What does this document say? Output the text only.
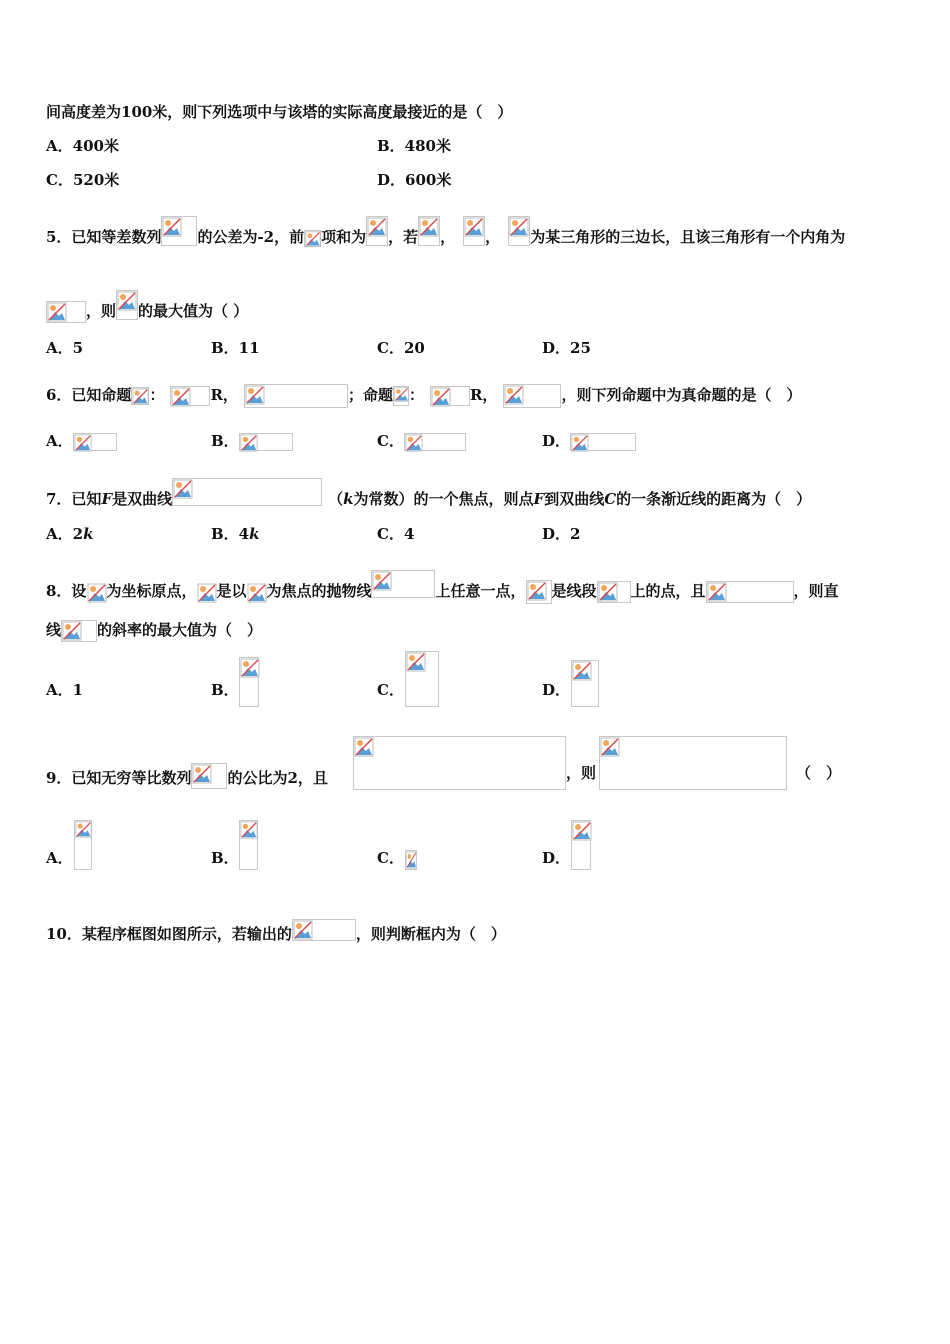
间高度差为100米，则下列选项中与该塔的实际高度最接近的是（　）
A．400米	B．480米
C．520米	D．600米
5．已知等差数列 的公差为-2，前 项和为 ，若 ， ， 为某三角形的三边长，且该三角形有一个内角为
，则 的最大值为（ ）
A．5	B．11	C．20	D．25
6．已知命题 ：	R，	；命题 ：	R，	，则下列命题中为真命题的是（　）
A．	B．	C．	D．
7．已知F是双曲线	（k为常数）的一个焦点，则点F到双曲线C的一条渐近线的距离为（　）
A．2k	B．4k	C．4	D．2
8．设 为坐标原点， 是以 为焦点的抛物线	上任意一点， 是线段 上的点，且	，则直
线 的斜率的最大值为（　）
A．1	B．	C．	D．
9．已知无穷等比数列 的公比为2，且	，则	（　）
A．	B．	C．	D．
10．某程序框图如图所示，若输出的	，则判断框内为（　）
